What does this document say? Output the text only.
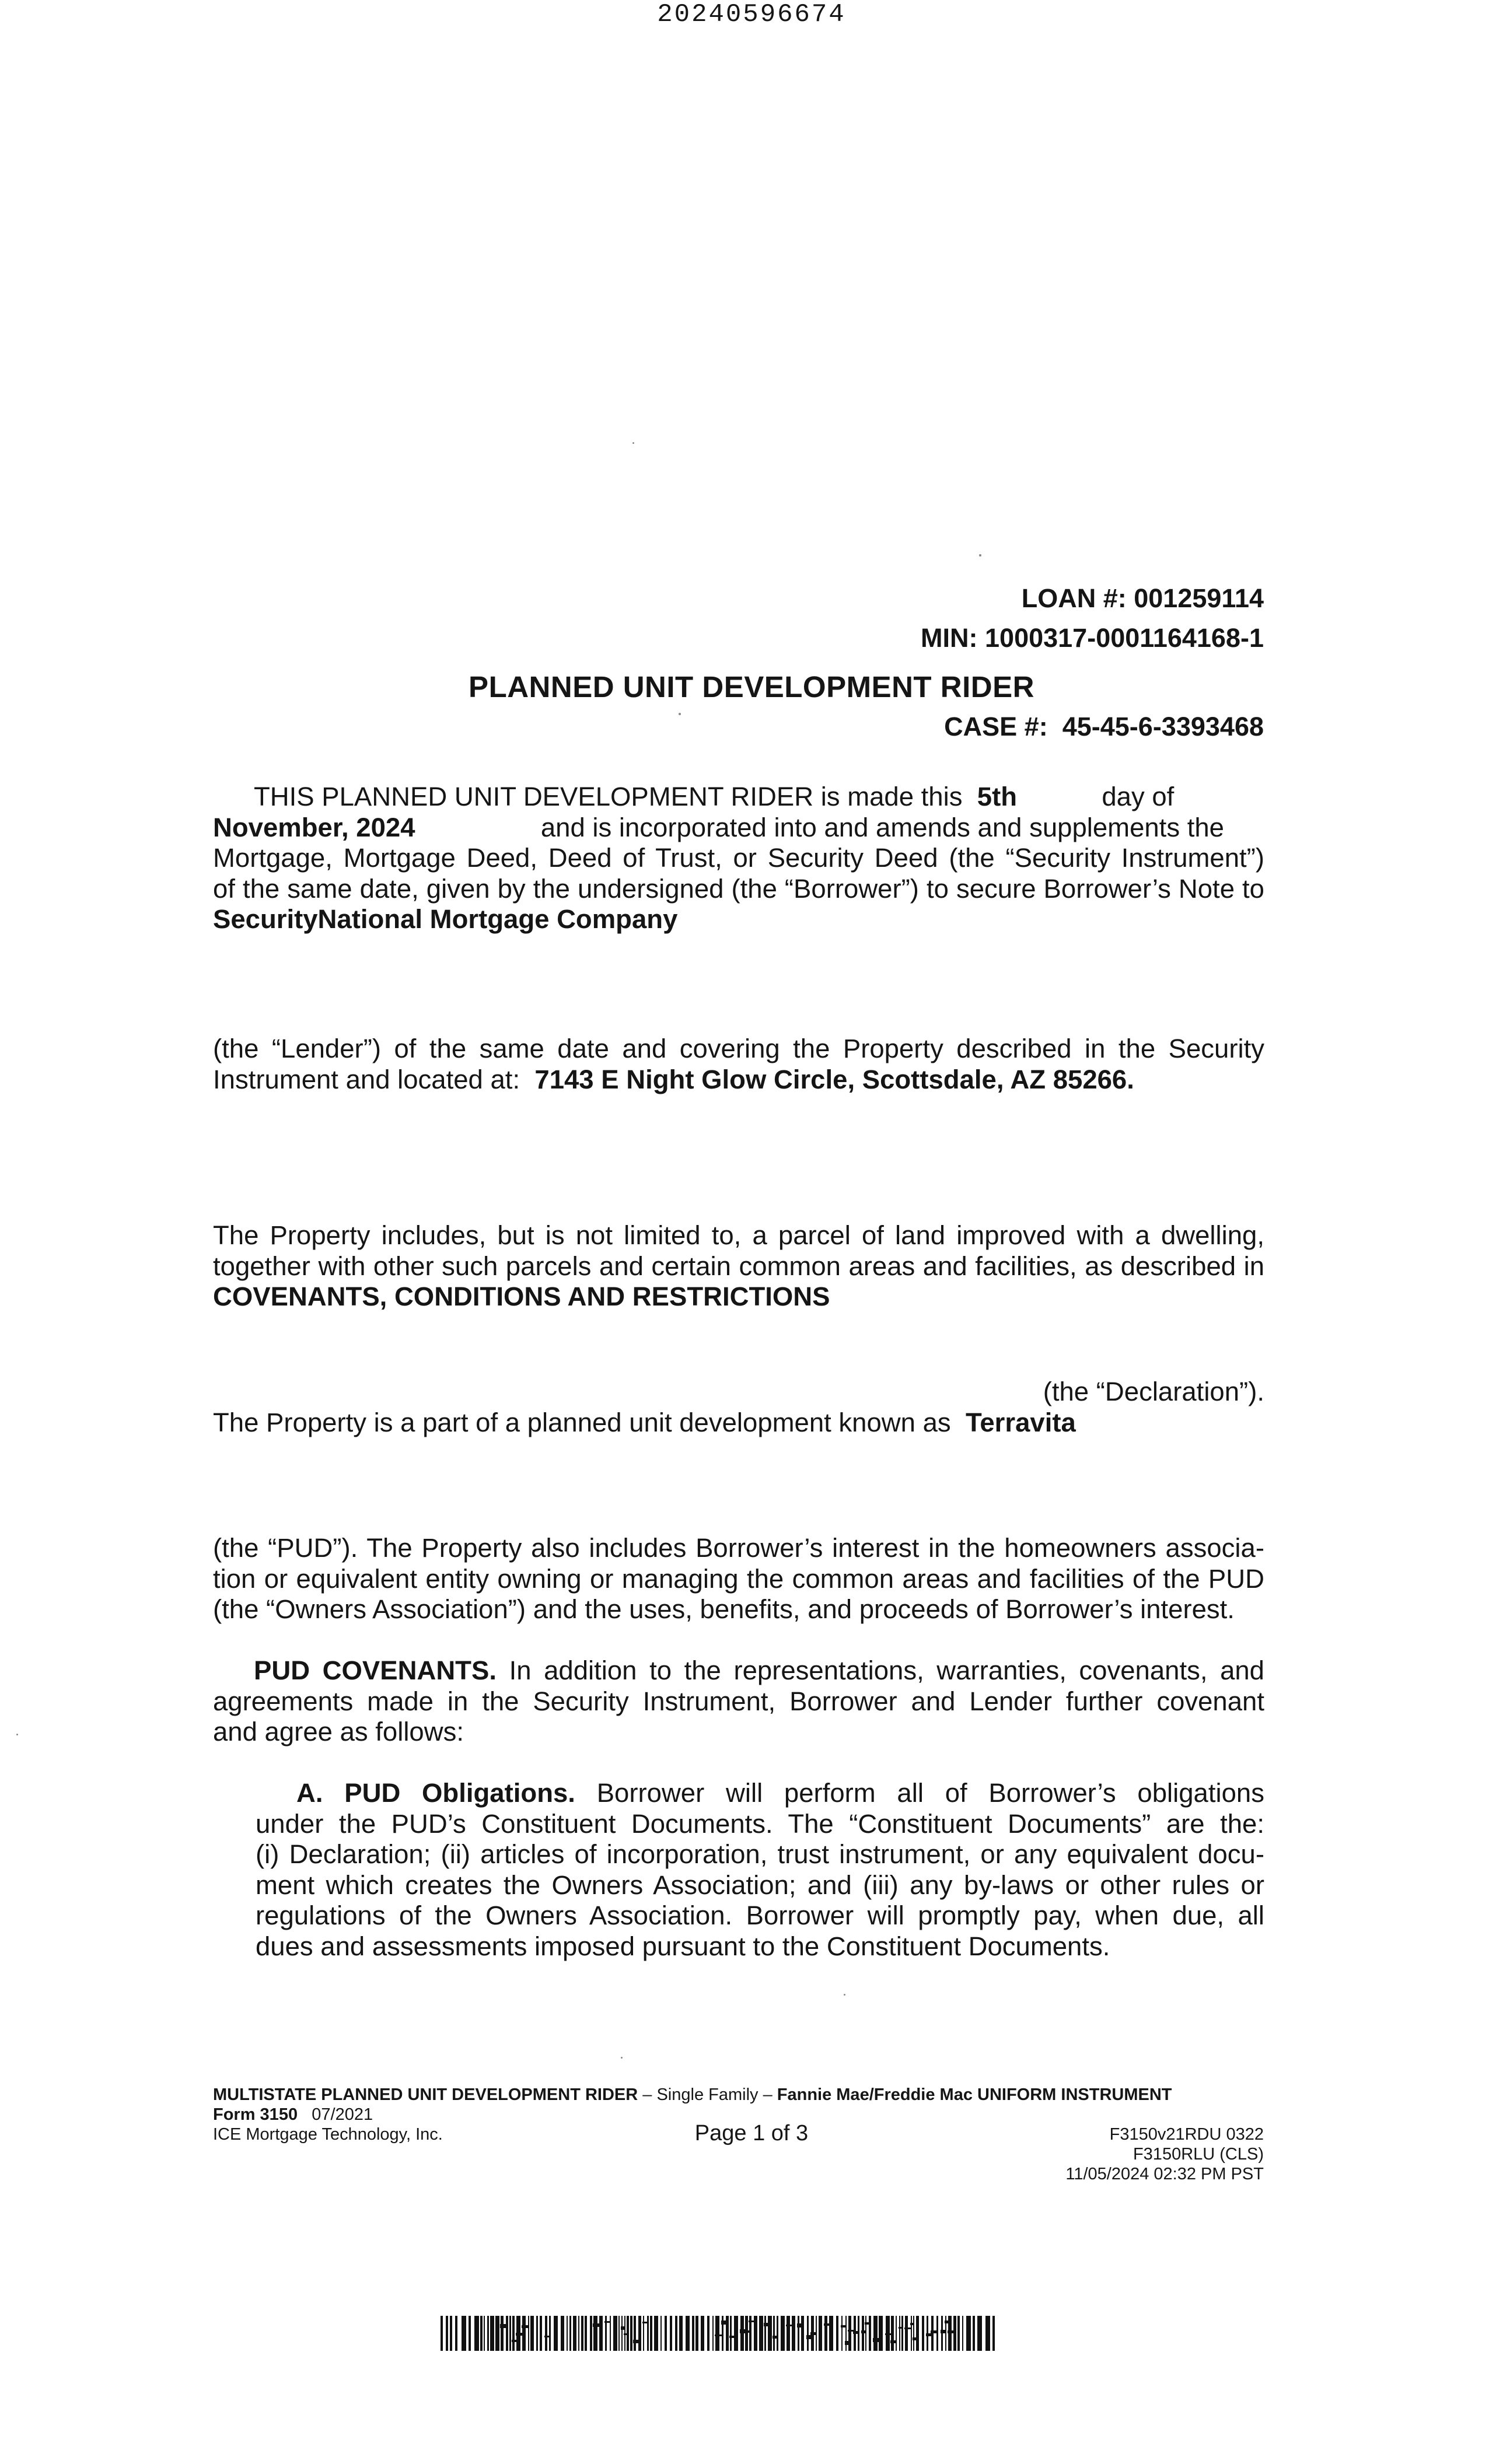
20240596674
LOAN #: 001259114
MIN: 1000317-0001164168-1
PLANNED UNIT DEVELOPMENT RIDER
CASE #: 45-45-6-3393468
THIS PLANNED UNIT DEVELOPMENT RIDER is made this 5th	day of
November, 2024	and is incorporated into and amends and supplements the
Mortgage, Mortgage Deed, Deed of Trust, or Security Deed (the “Security Instrument”)
of the same date, given by the undersigned (the “Borrower”) to secure Borrower’s Note to
SecurityNational Mortgage Company
(the “Lender”) of the same date and covering the Property described in the Security
Instrument and located at: 7143 E Night Glow Circle, Scottsdale, AZ 85266.
The Property includes, but is not limited to, a parcel of land improved with a dwelling,
together with other such parcels and certain common areas and facilities, as described in
COVENANTS, CONDITIONS AND RESTRICTIONS
(the “Declaration”).
The Property is a part of a planned unit development known as Terravita
(the “PUD”). The Property also includes Borrower’s interest in the homeowners associa-
tion or equivalent entity owning or managing the common areas and facilities of the PUD
(the “Owners Association”) and the uses, benefits, and proceeds of Borrower’s interest.
PUD COVENANTS. In addition to the representations, warranties, covenants, and
agreements made in the Security Instrument, Borrower and Lender further covenant
and agree as follows:
A. PUD Obligations. Borrower will perform all of Borrower’s obligations
under the PUD’s Constituent Documents. The “Constituent Documents” are the:
(i) Declaration; (ii) articles of incorporation, trust instrument, or any equivalent docu-
ment which creates the Owners Association; and (iii) any by-laws or other rules or
regulations of the Owners Association. Borrower will promptly pay, when due, all
dues and assessments imposed pursuant to the Constituent Documents.
MULTISTATE PLANNED UNIT DEVELOPMENT RIDER – Single Family – Fannie Mae/Freddie Mac UNIFORM INSTRUMENT
Form 3150 07/2021
ICE Mortgage Technology, Inc.	Page 1 of 3	F3150v21RDU 0322
F3150RLU (CLS)
11/05/2024 02:32 PM PST
